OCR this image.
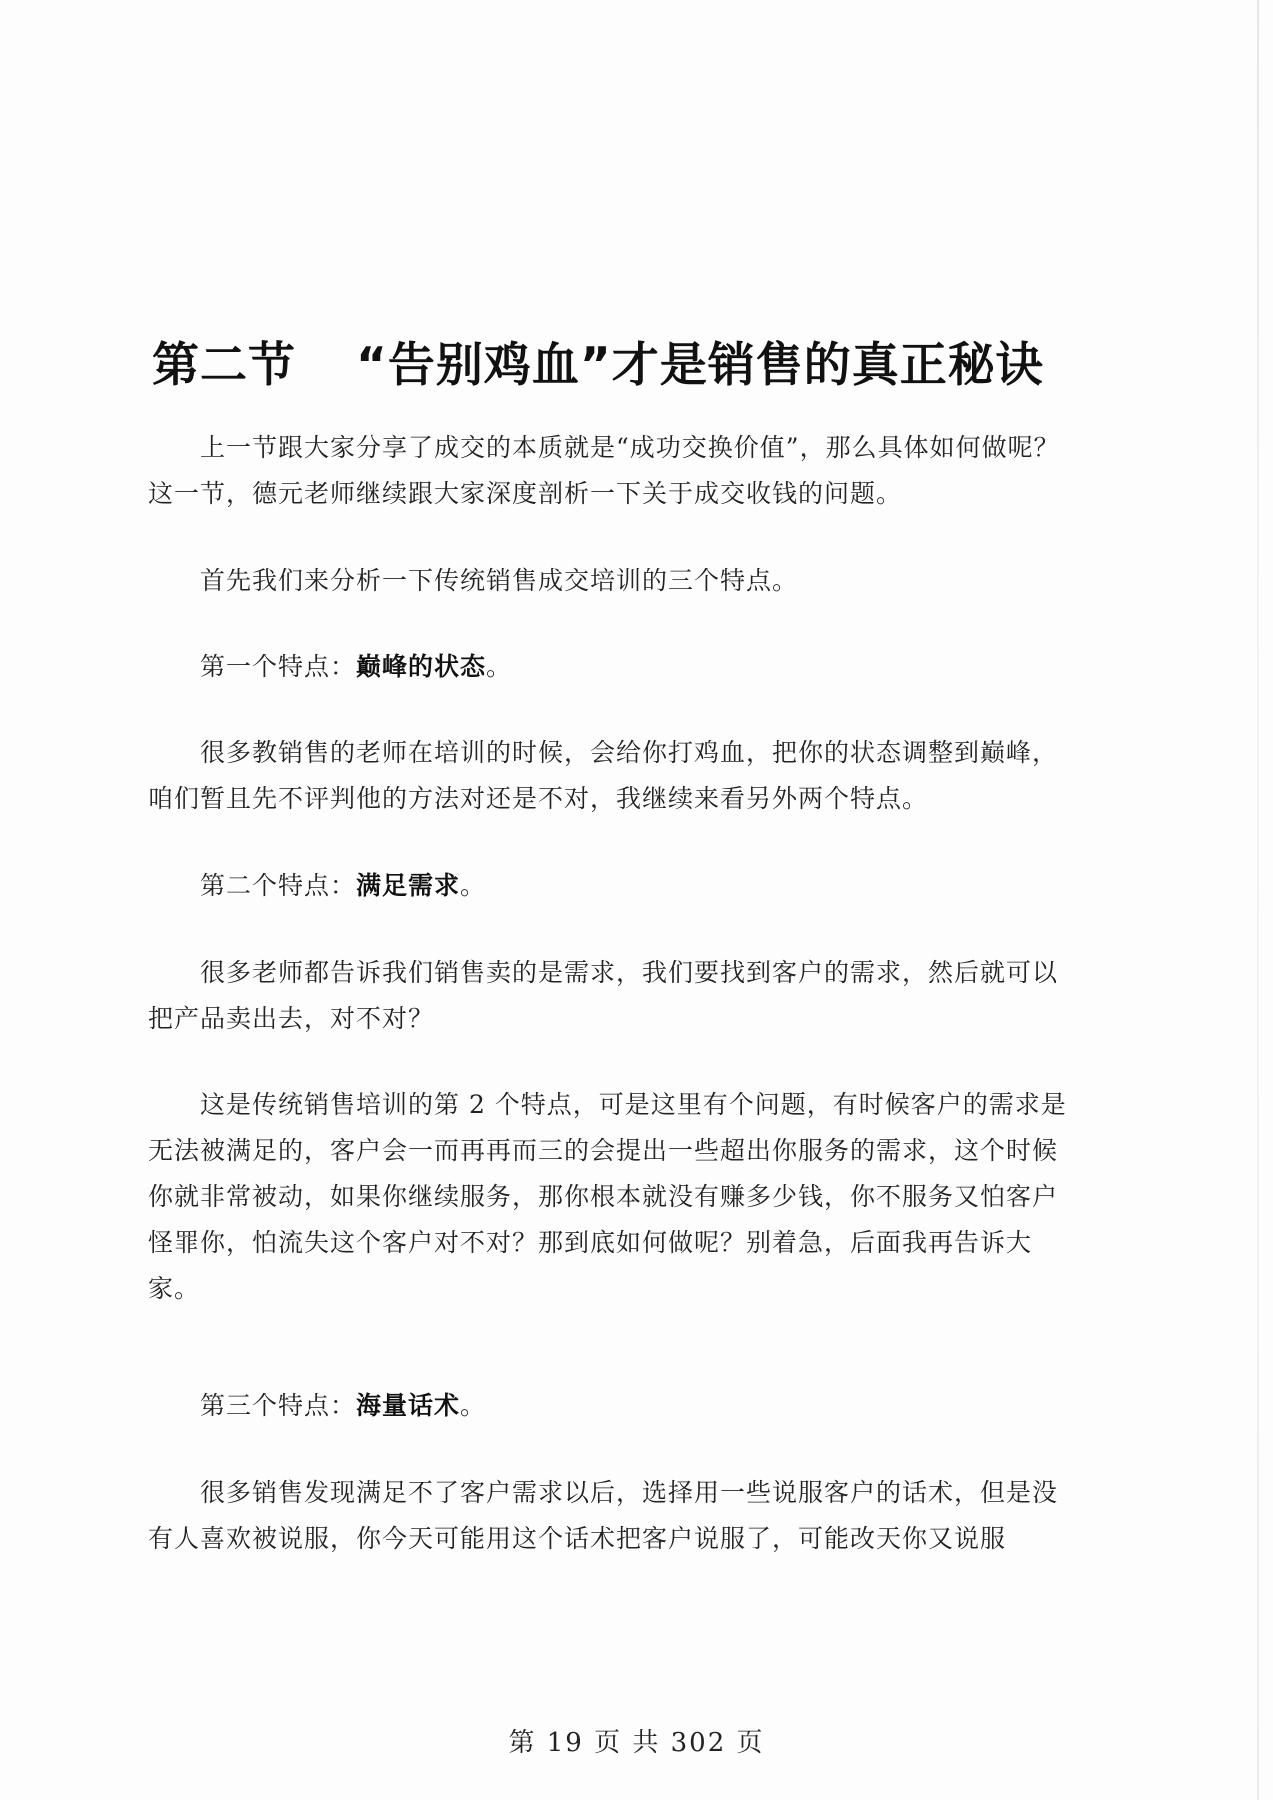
第二节 “告别鸡血”才是销售的真正秘诀

上一节跟大家分享了成交的本质就是“成功交换价值”，那么具体如何做呢？这一节，德元老师继续跟大家深度剖析一下关于成交收钱的问题。

首先我们来分析一下传统销售成交培训的三个特点。

第一个特点：巅峰的状态。

很多教销售的老师在培训的时候，会给你打鸡血，把你的状态调整到巅峰，咱们暂且先不评判他的方法对还是不对，我继续来看另外两个特点。

第二个特点：满足需求。

很多老师都告诉我们销售卖的是需求，我们要找到客户的需求，然后就可以把产品卖出去，对不对？

这是传统销售培训的第 2 个特点，可是这里有个问题，有时候客户的需求是无法被满足的，客户会一而再再而三的会提出一些超出你服务的需求，这个时候你就非常被动，如果你继续服务，那你根本就没有赚多少钱，你不服务又怕客户怪罪你，怕流失这个客户对不对？那到底如何做呢？别着急，后面我再告诉大家。

第三个特点：海量话术。

很多销售发现满足不了客户需求以后，选择用一些说服客户的话术，但是没有人喜欢被说服，你今天可能用这个话术把客户说服了，可能改天你又说服

第 19 页 共 302 页
